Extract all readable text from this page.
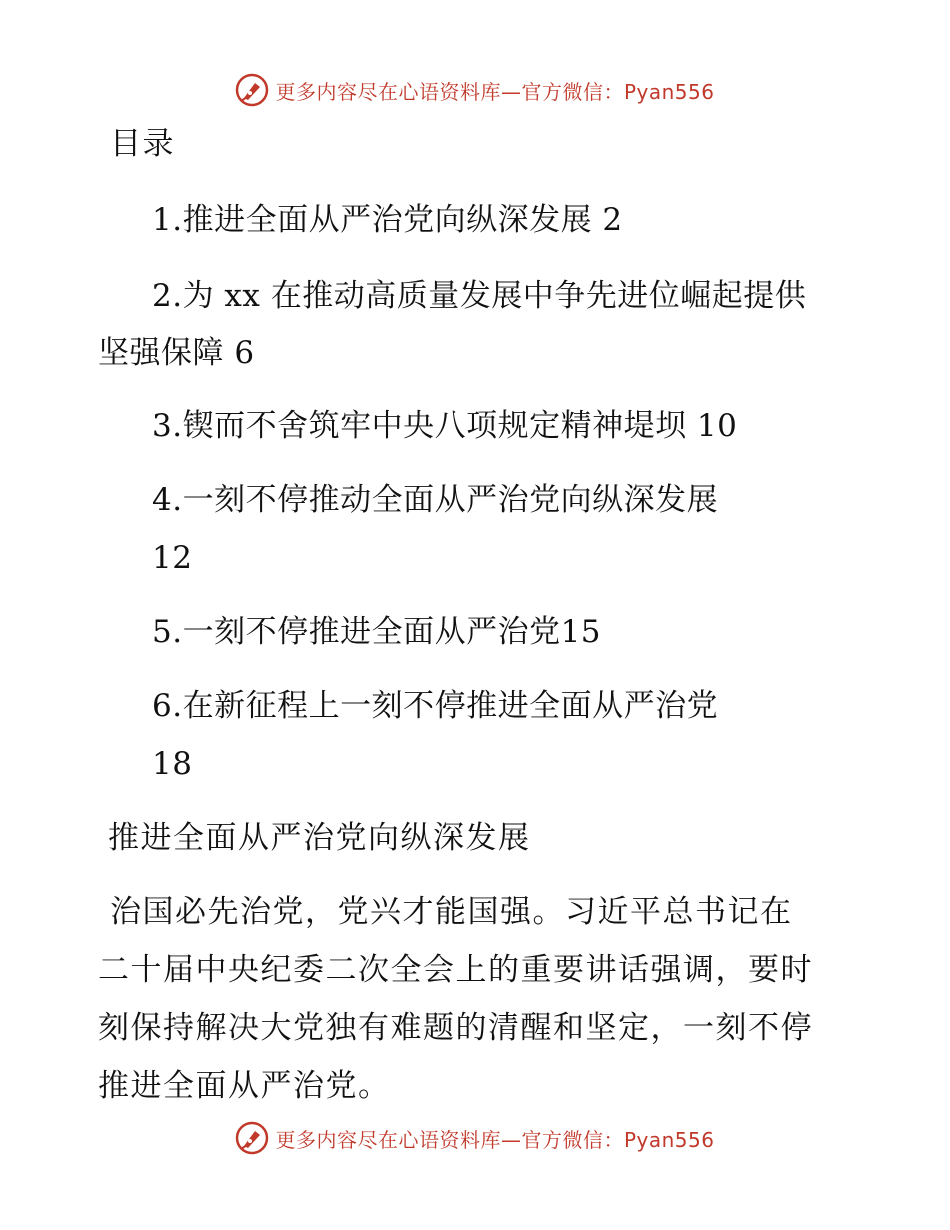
更多内容尽在心语资料库—官方微信：Pyan556
目录
1.推进全面从严治党向纵深发展 2
2.为 xx 在推动高质量发展中争先进位崛起提供
坚强保障 6
3.锲而不舍筑牢中央八项规定精神堤坝 10
4.一刻不停推动全面从严治党向纵深发展
12
5.一刻不停推进全面从严治党15
6.在新征程上一刻不停推进全面从严治党
18
推进全面从严治党向纵深发展
治国必先治党，党兴才能国强。习近平总书记在
二十届中央纪委二次全会上的重要讲话强调，要时
刻保持解决大党独有难题的清醒和坚定，一刻不停
推进全面从严治党。
更多内容尽在心语资料库—官方微信：Pyan556
